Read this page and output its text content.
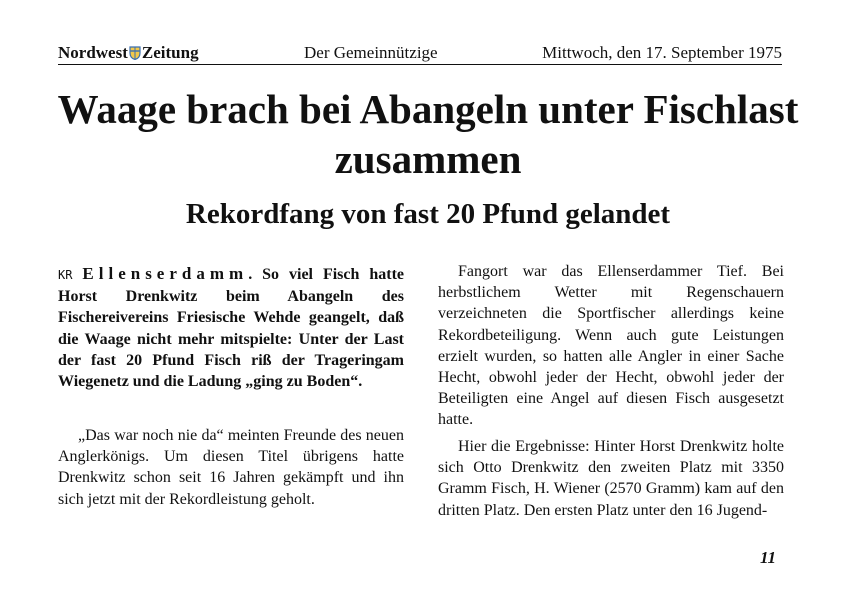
Nordwest Zeitung	Der Gemeinnützige	Mittwoch, den 17. September 1975
Waage brach bei Abangeln unter Fischlast zusammen
Rekordfang von fast 20 Pfund gelandet

KR Ellenserdamm. So viel Fisch hatte Horst Drenkwitz beim Abangeln des Fischereivereins Friesische Wehde geangelt, daß die Waage nicht mehr mitspielte: Unter der Last der fast 20 Pfund Fisch riß der Trageringam Wiegenetz und die Ladung „ging zu Boden“.

„Das war noch nie da“ meinten Freunde des neuen Anglerkönigs. Um diesen Titel übrigens hatte Drenkwitz schon seit 16 Jahren gekämpft und ihn sich jetzt mit der Rekordleistung geholt.

Fangort war das Ellenserdammer Tief. Bei herbstlichem Wetter mit Regenschauern verzeichneten die Sportfischer allerdings keine Rekordbeteiligung. Wenn auch gute Leistungen erzielt wurden, so hatten alle Angler in einer Sache Hecht, obwohl jeder der Hecht, obwohl jeder der Beteiligten eine Angel auf diesen Fisch ausgesetzt hatte.

Hier die Ergebnisse: Hinter Horst Drenkwitz holte sich Otto Drenkwitz den zweiten Platz mit 3350 Gramm Fisch, H. Wiener (2570 Gramm) kam auf den dritten Platz. Den ersten Platz unter den 16 Jugend-

11
